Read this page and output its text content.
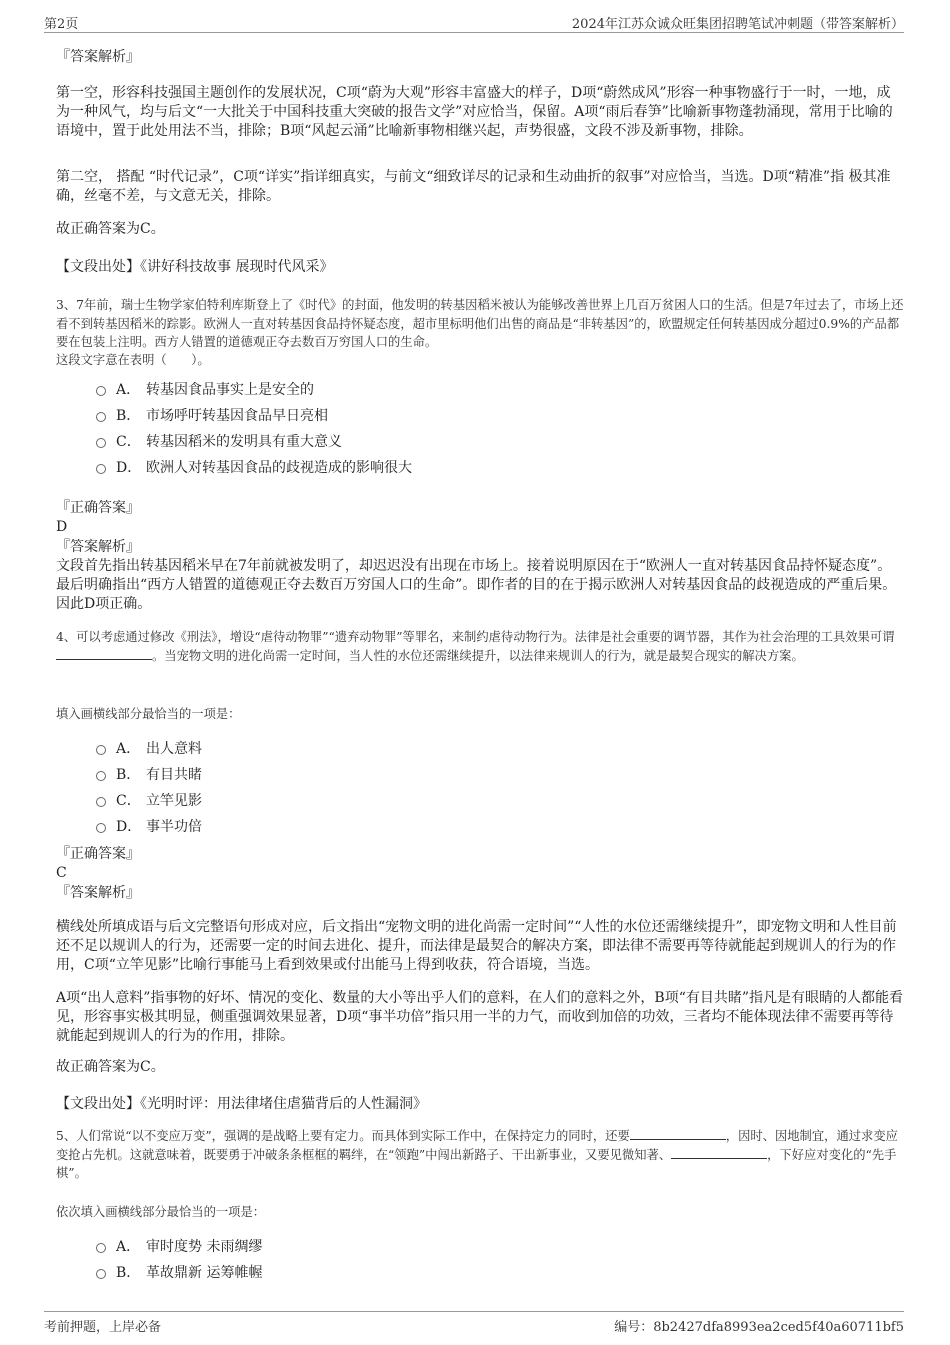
第2页	2024年江苏众诚众旺集团招聘笔试冲刺题（带答案解析）
『答案解析』
第一空，形容科技强国主题创作的发展状况，C项“蔚为大观”形容丰富盛大的样子，D项“蔚然成风”形容一种事物盛行于一时，一地，成为一种风气，均与后文“一大批关于中国科技重大突破的报告文学”对应恰当，保留。A项“雨后春笋”比喻新事物蓬勃涌现，常用于比喻的语境中，置于此处用法不当，排除；B项“风起云涌”比喻新事物相继兴起，声势很盛，文段不涉及新事物，排除。
第二空， 搭配 “时代记录”，C项“详实”指详细真实，与前文“细致详尽的记录和生动曲折的叙事”对应恰当，当选。D项“精准”指 极其准确，丝毫不差，与文意无关，排除。
故正确答案为C。
【文段出处】《讲好科技故事 展现时代风采》
3、7年前，瑞士生物学家伯特利库斯登上了《时代》的封面，他发明的转基因稻米被认为能够改善世界上几百万贫困人口的生活。但是7年过去了，市场上还看不到转基因稻米的踪影。欧洲人一直对转基因食品持怀疑态度，超市里标明他们出售的商品是“非转基因”的，欧盟规定任何转基因成分超过0.9%的产品都要在包装上注明。西方人错置的道德观正夺去数百万穷国人口的生命。
这段文字意在表明（　　）。
A． 转基因食品事实上是安全的
B． 市场呼吁转基因食品早日亮相
C． 转基因稻米的发明具有重大意义
D． 欧洲人对转基因食品的歧视造成的影响很大
『正确答案』
D
『答案解析』
文段首先指出转基因稻米早在7年前就被发明了，却迟迟没有出现在市场上。接着说明原因在于“欧洲人一直对转基因食品持怀疑态度”。最后明确指出“西方人错置的道德观正夺去数百万穷国人口的生命”。即作者的目的在于揭示欧洲人对转基因食品的歧视造成的严重后果。因此D项正确。
4、可以考虑通过修改《刑法》，增设“虐待动物罪”“遗弃动物罪”等罪名，来制约虐待动物行为。法律是社会重要的调节器，其作为社会治理的工具效果可谓。当宠物文明的进化尚需一定时间，当人性的水位还需继续提升，以法律来规训人的行为，就是最契合现实的解决方案。
填入画横线部分最恰当的一项是：
A． 出人意料
B． 有目共睹
C． 立竿见影
D． 事半功倍
『正确答案』
C
『答案解析』
横线处所填成语与后文完整语句形成对应，后文指出“宠物文明的进化尚需一定时间”“人性的水位还需继续提升”，即宠物文明和人性目前还不足以规训人的行为，还需要一定的时间去进化、提升，而法律是最契合的解决方案，即法律不需要再等待就能起到规训人的行为的作用，C项“立竿见影”比喻行事能马上看到效果或付出能马上得到收获，符合语境，当选。
A项“出人意料”指事物的好坏、情况的变化、数量的大小等出乎人们的意料，在人们的意料之外，B项“有目共睹”指凡是有眼睛的人都能看见，形容事实极其明显，侧重强调效果显著，D项“事半功倍”指只用一半的力气，而收到加倍的功效，三者均不能体现法律不需要再等待就能起到规训人的行为的作用，排除。
故正确答案为C。
【文段出处】《光明时评：用法律堵住虐猫背后的人性漏洞》
5、人们常说“以不变应万变”，强调的是战略上要有定力。而具体到实际工作中，在保持定力的同时，还要	，因时、因地制宜，通过求变应变抢占先机。这就意味着，既要勇于冲破条条框框的羁绊，在“领跑”中闯出新路子、干出新事业，又要见微知著、	，下好应对变化的“先手棋”。
依次填入画横线部分最恰当的一项是：
A． 审时度势 未雨绸缪
B． 革故鼎新 运筹帷幄
考前押题，上岸必备	编号：8b2427dfa8993ea2ced5f40a60711bf5
